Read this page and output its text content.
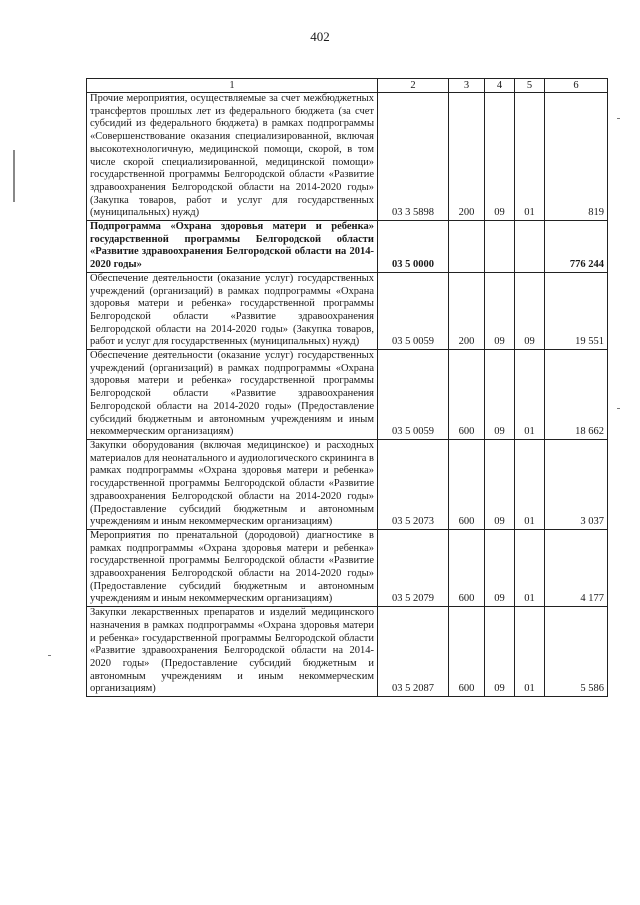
402
1	2	3	4	5	6
Прочие мероприятия, осуществляемые за счет межбюджетных трансфертов прошлых лет из федерального бюджета (за счет субсидий из федерального бюджета) в рамках подпрограммы «Совершенствование оказания специализированной, включая высокотехнологичную, медицинской помощи, скорой, в том числе скорой специализированной, медицинской помощи» государственной программы Белгородской области «Развитие здравоохранения Белгородской области на 2014-2020 годы» (Закупка товаров, работ и услуг для государственных (муниципальных) нужд)	03 3 5898	200	09	01	819
Подпрограмма «Охрана здоровья матери и ребенка» государственной программы Белгородской области «Развитие здравоохранения Белгородской области на 2014-2020 годы»	03 5 0000				776 244
Обеспечение деятельности (оказание услуг) государственных учреждений (организаций) в рамках подпрограммы «Охрана здоровья матери и ребенка» государственной программы Белгородской области «Развитие здравоохранения Белгородской области на 2014-2020 годы» (Закупка товаров, работ и услуг для государственных (муниципальных) нужд)	03 5 0059	200	09	09	19 551
Обеспечение деятельности (оказание услуг) государственных учреждений (организаций) в рамках подпрограммы «Охрана здоровья матери и ребенка» государственной программы Белгородской области «Развитие здравоохранения Белгородской области на 2014-2020 годы» (Предоставление субсидий бюджетным и автономным учреждениям и иным некоммерческим организациям)	03 5 0059	600	09	01	18 662
Закупки оборудования (включая медицинское) и расходных материалов для неонатального и аудиологического скрининга в рамках подпрограммы «Охрана здоровья матери и ребенка» государственной программы Белгородской области «Развитие здравоохранения Белгородской области на 2014-2020 годы» (Предоставление субсидий бюджетным и автономным учреждениям и иным некоммерческим организациям)	03 5 2073	600	09	01	3 037
Мероприятия по пренатальной (дородовой) диагностике в рамках подпрограммы «Охрана здоровья матери и ребенка» государственной программы Белгородской области «Развитие здравоохранения Белгородской области на 2014-2020 годы» (Предоставление субсидий бюджетным и автономным учреждениям и иным некоммерческим организациям)	03 5 2079	600	09	01	4 177
Закупки лекарственных препаратов и изделий медицинского назначения в рамках подпрограммы «Охрана здоровья матери и ребенка» государственной программы Белгородской области «Развитие здравоохранения Белгородской области на 2014-2020 годы» (Предоставление субсидий бюджетным и автономным учреждениям и иным некоммерческим организациям)	03 5 2087	600	09	01	5 586
